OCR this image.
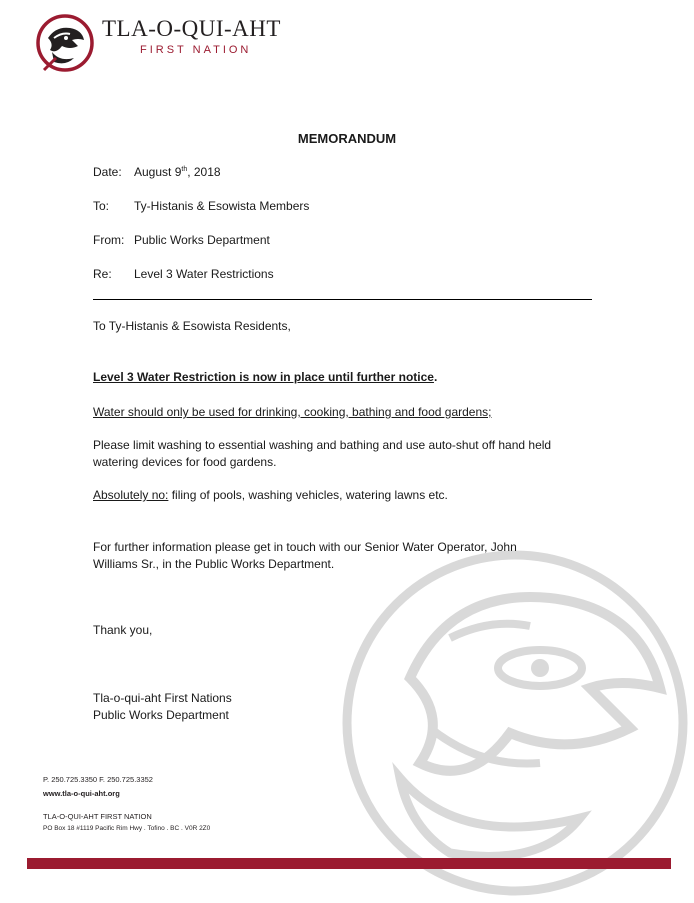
TLA-O-QUI-AHT
FIRST NATION
MEMORANDUM
Date: August 9th, 2018
To: Ty-Histanis & Esowista Members
From: Public Works Department
Re: Level 3 Water Restrictions
To Ty-Histanis & Esowista Residents,
Level 3 Water Restriction is now in place until further notice.
Water should only be used for drinking, cooking, bathing and food gardens;
Please limit washing to essential washing and bathing and use auto-shut off hand held
watering devices for food gardens.
Absolutely no: filing of pools, washing vehicles, watering lawns etc.
For further information please get in touch with our Senior Water Operator, John
Williams Sr., in the Public Works Department.
Thank you,
Tla-o-qui-aht First Nations
Public Works Department
P. 250.725.3350 F. 250.725.3352
www.tla-o-qui-aht.org
TLA-O-QUI-AHT FIRST NATION
PO Box 18 #1119 Pacific Rim Hwy . Tofino . BC . V0R 2Z0
